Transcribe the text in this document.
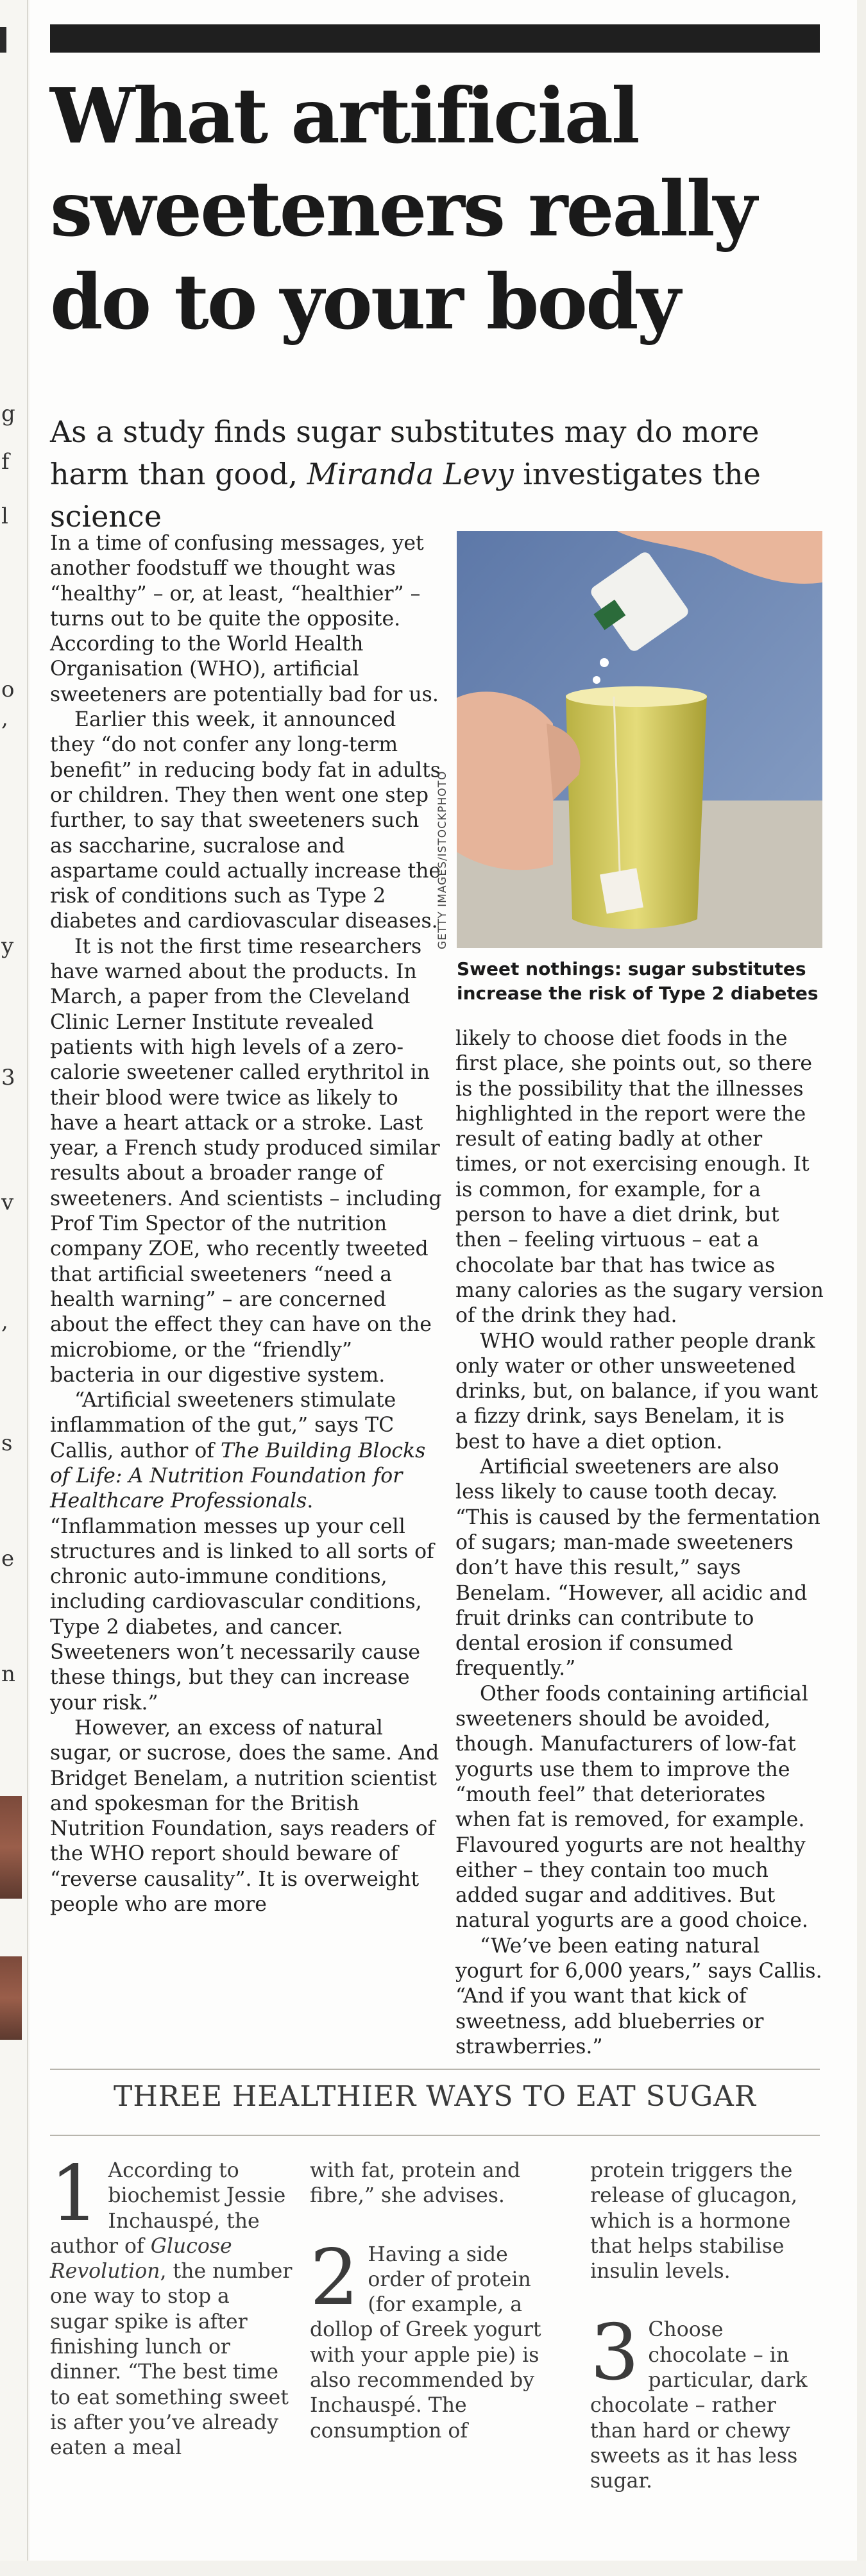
g
f
l
o
,
y
3
v
,
s
e
n
What artificial sweeteners really do to your body
As a study finds sugar substitutes may do more harm than good, Miranda Levy investigates the science

In a time of confusing messages, yet another foodstuff we thought was “healthy” – or, at least, “healthier” – turns out to be quite the opposite. According to the World Health Organisation (WHO), artificial sweeteners are potentially bad for us.

Earlier this week, it announced they “do not confer any long-term benefit” in reducing body fat in adults or children. They then went one step further, to say that sweeteners such as saccharine, sucralose and aspartame could actually increase the risk of conditions such as Type 2 diabetes and cardiovascular diseases.

It is not the first time researchers have warned about the products. In March, a paper from the Cleveland Clinic Lerner Institute revealed patients with high levels of a zero-calorie sweetener called erythritol in their blood were twice as likely to have a heart attack or a stroke. Last year, a French study produced similar results about a broader range of sweeteners. And scientists – including Prof Tim Spector of the nutrition company ZOE, who recently tweeted that artificial sweeteners “need a health warning” – are concerned about the effect they can have on the microbiome, or the “friendly” bacteria in our digestive system.

“Artificial sweeteners stimulate inflammation of the gut,” says TC Callis, author of The Building Blocks of Life: A Nutrition Foundation for Healthcare Professionals. “Inflammation messes up your cell structures and is linked to all sorts of chronic auto-immune conditions, including cardiovascular conditions, Type 2 diabetes, and cancer. Sweeteners won’t necessarily cause these things, but they can increase your risk.”

However, an excess of natural sugar, or sucrose, does the same. And Bridget Benelam, a nutrition scientist and spokesman for the British Nutrition Foundation, says readers of the WHO report should beware of “reverse causality”. It is overweight people who are more

GETTY IMAGES/ISTOCKPHOTO
Sweet nothings: sugar substitutes increase the risk of Type 2 diabetes

likely to choose diet foods in the first place, she points out, so there is the possibility that the illnesses highlighted in the report were the result of eating badly at other times, or not exercising enough. It is common, for example, for a person to have a diet drink, but then – feeling virtuous – eat a chocolate bar that has twice as many calories as the sugary version of the drink they had.

WHO would rather people drank only water or other unsweetened drinks, but, on balance, if you want a fizzy drink, says Benelam, it is best to have a diet option.

Artificial sweeteners are also less likely to cause tooth decay. “This is caused by the fermentation of sugars; man-made sweeteners don’t have this result,” says Benelam. “However, all acidic and fruit drinks can contribute to dental erosion if consumed frequently.”

Other foods containing artificial sweeteners should be avoided, though. Manufacturers of low-fat yogurts use them to improve the “mouth feel” that deteriorates when fat is removed, for example. Flavoured yogurts are not healthy either – they contain too much added sugar and additives. But natural yogurts are a good choice.

“We’ve been eating natural yogurt for 6,000 years,” says Callis. “And if you want that kick of sweetness, add blueberries or strawberries.”

THREE HEALTHIER WAYS TO EAT SUGAR
1 According to biochemist Jessie Inchauspé, the author of Glucose Revolution, the number one way to stop a sugar spike is after finishing lunch or dinner. “The best time to eat something sweet is after you’ve already eaten a meal
with fat, protein and fibre,” she advises.
2 Having a side order of protein (for example, a dollop of Greek yogurt with your apple pie) is also recommended by Inchauspé. The consumption of
protein triggers the release of glucagon, which is a hormone that helps stabilise insulin levels.
3 Choose chocolate – in particular, dark chocolate – rather than hard or chewy sweets as it has less sugar.
